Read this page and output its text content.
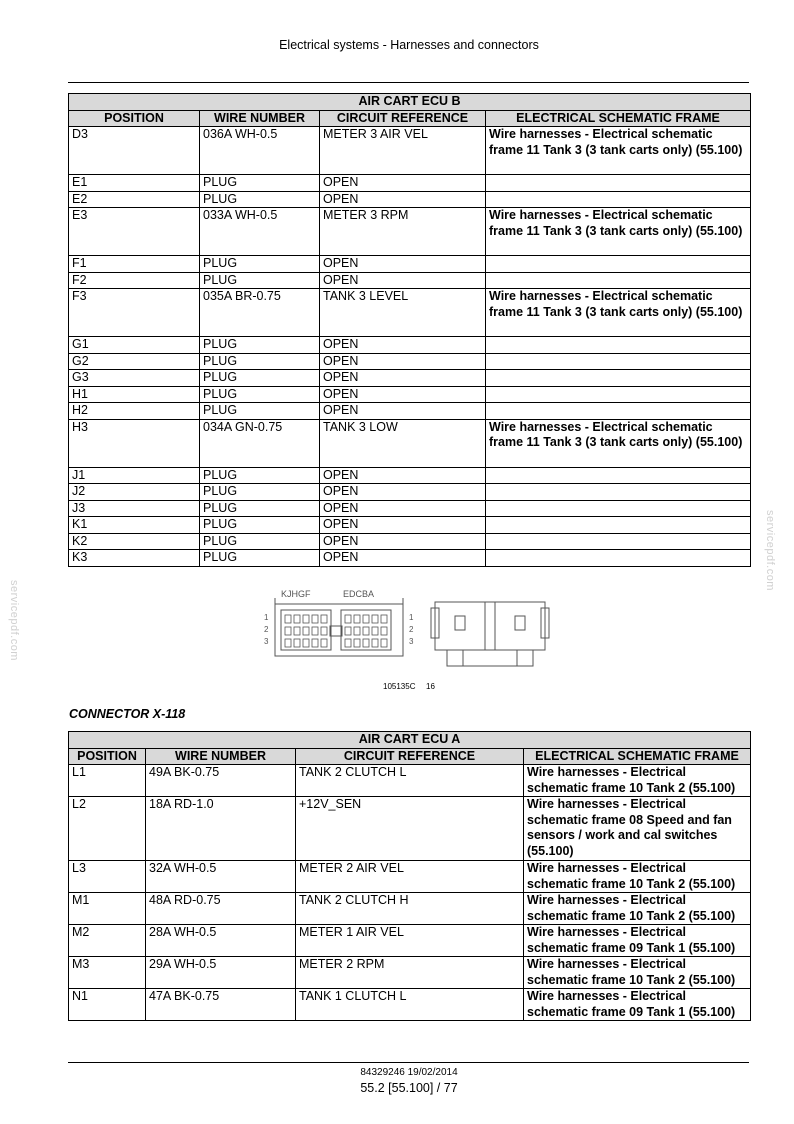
Electrical systems - Harnesses and connectors
AIR CART ECU B			
POSITION	WIRE NUMBER	CIRCUIT REFERENCE	ELECTRICAL SCHEMATIC FRAME
D3	036A WH-0.5	METER 3 AIR VEL	Wire harnesses - Electrical schematic frame 11 Tank 3 (3 tank carts only) (55.100)
E1	PLUG	OPEN	
E2	PLUG	OPEN	
E3	033A WH-0.5	METER 3 RPM	Wire harnesses - Electrical schematic frame 11 Tank 3 (3 tank carts only) (55.100)
F1	PLUG	OPEN	
F2	PLUG	OPEN	
F3	035A BR-0.75	TANK 3 LEVEL	Wire harnesses - Electrical schematic frame 11 Tank 3 (3 tank carts only) (55.100)
G1	PLUG	OPEN	
G2	PLUG	OPEN	
G3	PLUG	OPEN	
H1	PLUG	OPEN	
H2	PLUG	OPEN	
H3	034A GN-0.75	TANK 3 LOW	Wire harnesses - Electrical schematic frame 11 Tank 3 (3 tank carts only) (55.100)
J1	PLUG	OPEN	
J2	PLUG	OPEN	
J3	PLUG	OPEN	
K1	PLUG	OPEN	
K2	PLUG	OPEN	
K3	PLUG	OPEN	
KJHGF	EDCBA
1
2
3
1
2
3
105135C 16
CONNECTOR X-118
AIR CART ECU A			
POSITION	WIRE NUMBER	CIRCUIT REFERENCE	ELECTRICAL SCHEMATIC FRAME
L1	49A BK-0.75	TANK 2 CLUTCH L	Wire harnesses - Electrical schematic frame 10 Tank 2 (55.100)
L2	18A RD-1.0	+12V_SEN	Wire harnesses - Electrical schematic frame 08 Speed and fan sensors / work and cal switches (55.100)
L3	32A WH-0.5	METER 2 AIR VEL	Wire harnesses - Electrical schematic frame 10 Tank 2 (55.100)
M1	48A RD-0.75	TANK 2 CLUTCH H	Wire harnesses - Electrical schematic frame 10 Tank 2 (55.100)
M2	28A WH-0.5	METER 1 AIR VEL	Wire harnesses - Electrical schematic frame 09 Tank 1 (55.100)
M3	29A WH-0.5	METER 2 RPM	Wire harnesses - Electrical schematic frame 10 Tank 2 (55.100)
N1	47A BK-0.75	TANK 1 CLUTCH L	Wire harnesses - Electrical schematic frame 09 Tank 1 (55.100)
servicepdf.com
servicepdf.com
84329246 19/02/2014
55.2 [55.100] / 77
